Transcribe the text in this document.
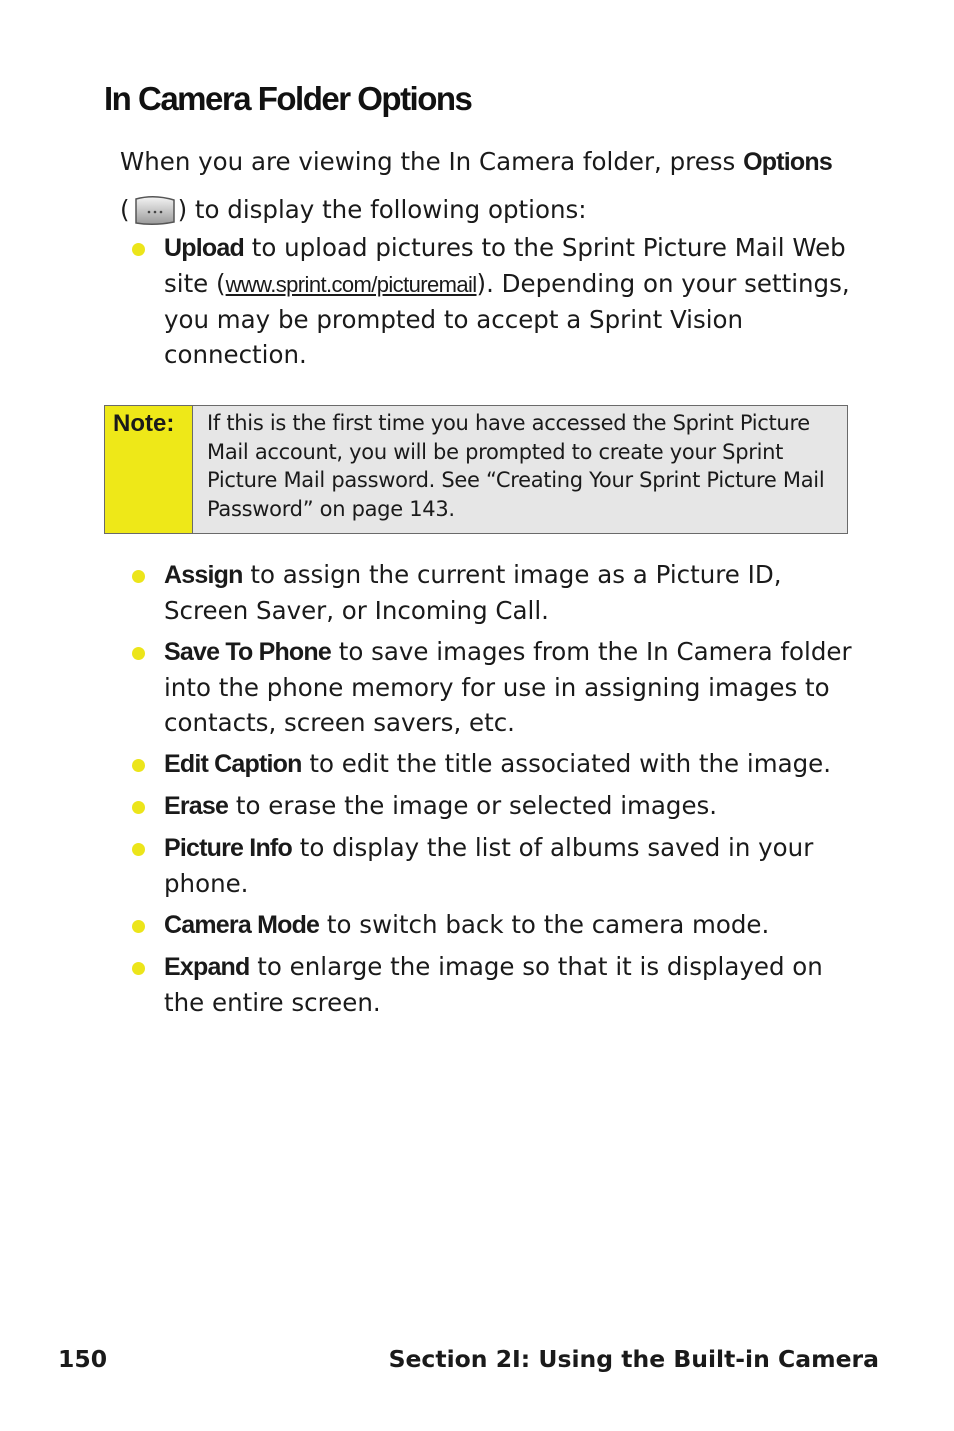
In Camera Folder Options
When you are viewing the In Camera folder, press Options
( ) to display the following options:
Upload to upload pictures to the Sprint Picture Mail Web site (www.sprint.com/picturemail). Depending on your settings, you may be prompted to accept a Sprint Vision connection.
Note:	If this is the first time you have accessed the Sprint Picture Mail account, you will be prompted to create your Sprint Picture Mail password. See “Creating Your Sprint Picture Mail Password” on page 143.
Assign to assign the current image as a Picture ID, Screen Saver, or Incoming Call.
Save To Phone to save images from the In Camera folder into the phone memory for use in assigning images to contacts, screen savers, etc.
Edit Caption to edit the title associated with the image.
Erase to erase the image or selected images.
Picture Info to display the list of albums saved in your phone.
Camera Mode to switch back to the camera mode.
Expand to enlarge the image so that it is displayed on the entire screen.
150	Section 2I: Using the Built-in Camera
